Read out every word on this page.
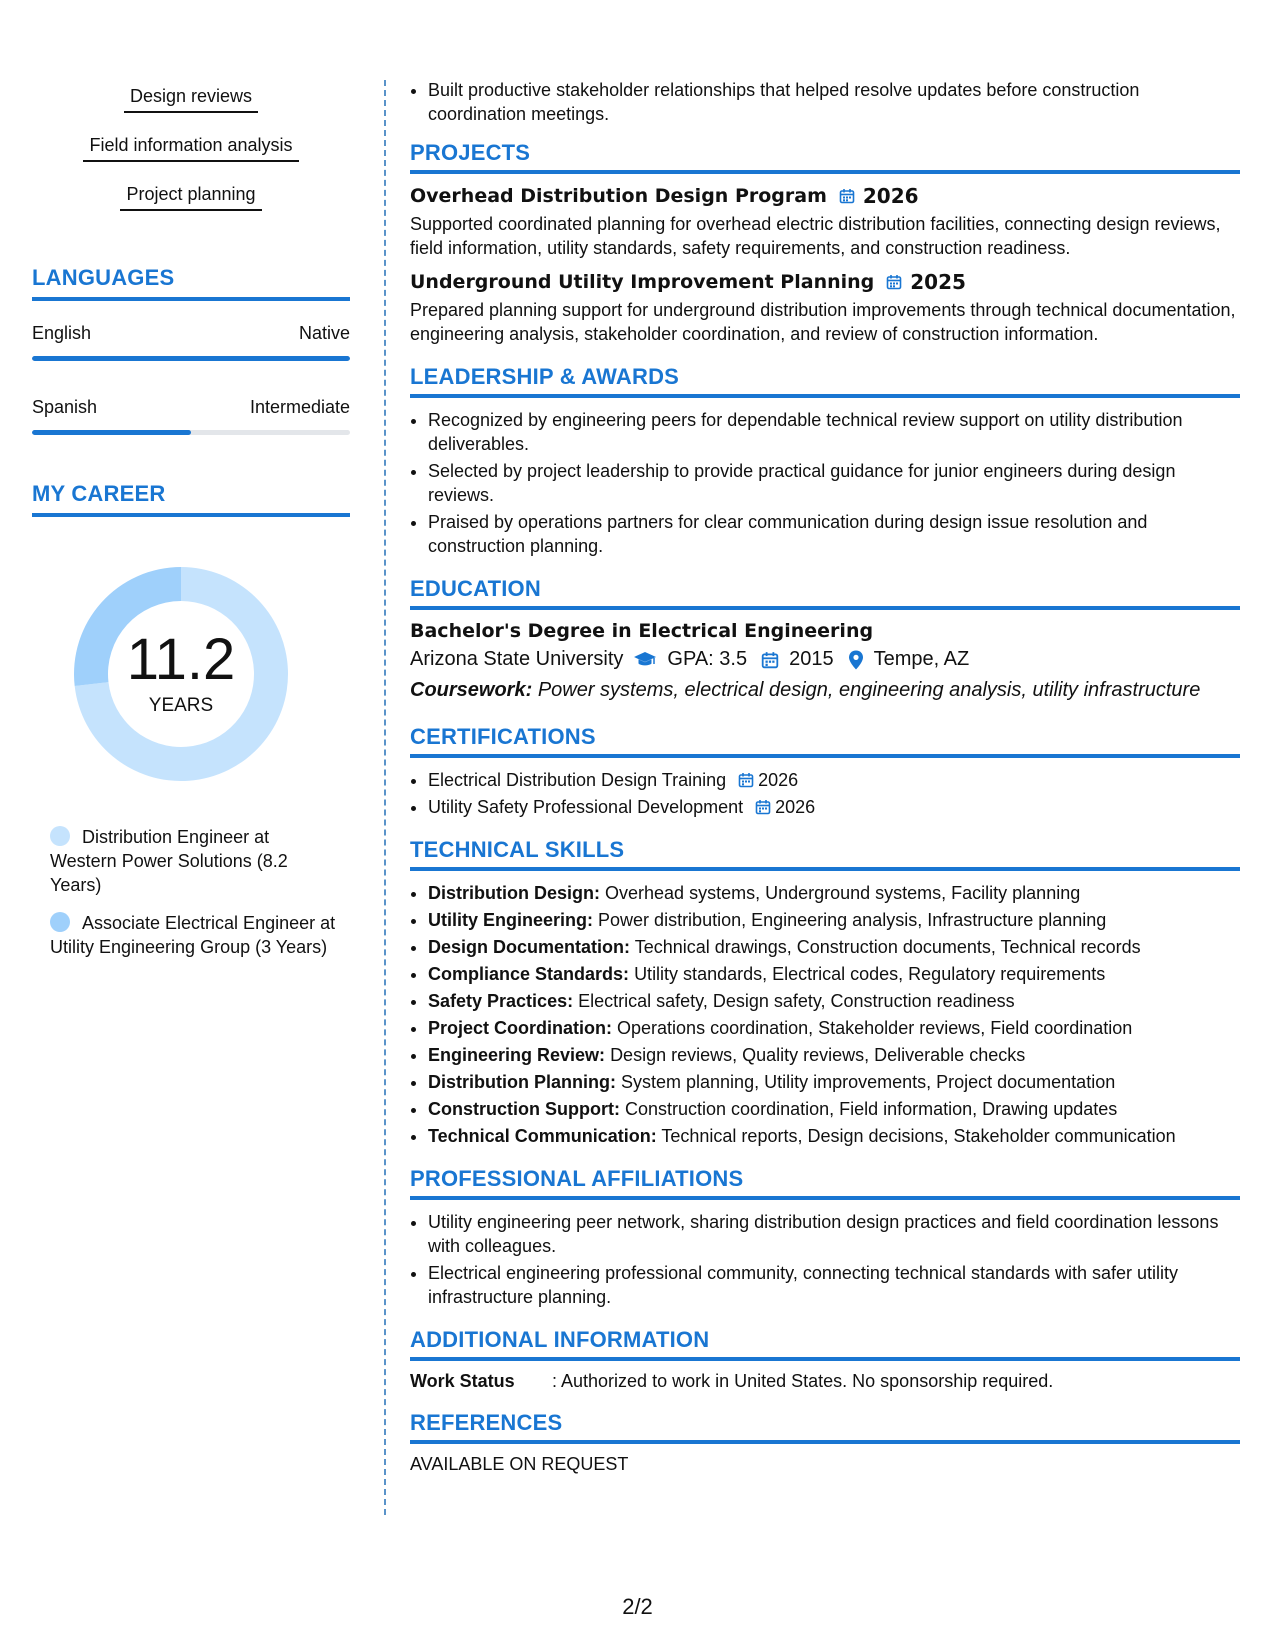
Design reviews
Field information analysis
Project planning
LANGUAGES
English	Native
Spanish	Intermediate
MY CAREER
11.2
YEARS
Distribution Engineer at Western Power Solutions (8.2 Years)
Associate Electrical Engineer at Utility Engineering Group (3 Years)
• Built productive stakeholder relationships that helped resolve updates before construction coordination meetings.
PROJECTS
Overhead Distribution Design Program 2026
Supported coordinated planning for overhead electric distribution facilities, connecting design reviews, field information, utility standards, safety requirements, and construction readiness.
Underground Utility Improvement Planning 2025
Prepared planning support for underground distribution improvements through technical documentation, engineering analysis, stakeholder coordination, and review of construction information.
LEADERSHIP & AWARDS
• Recognized by engineering peers for dependable technical review support on utility distribution deliverables.
• Selected by project leadership to provide practical guidance for junior engineers during design reviews.
• Praised by operations partners for clear communication during design issue resolution and construction planning.
EDUCATION
Bachelor's Degree in Electrical Engineering
Arizona State University GPA: 3.5 2015 Tempe, AZ
Coursework: Power systems, electrical design, engineering analysis, utility infrastructure
CERTIFICATIONS
• Electrical Distribution Design Training 2026
• Utility Safety Professional Development 2026
TECHNICAL SKILLS
• Distribution Design: Overhead systems, Underground systems, Facility planning
• Utility Engineering: Power distribution, Engineering analysis, Infrastructure planning
• Design Documentation: Technical drawings, Construction documents, Technical records
• Compliance Standards: Utility standards, Electrical codes, Regulatory requirements
• Safety Practices: Electrical safety, Design safety, Construction readiness
• Project Coordination: Operations coordination, Stakeholder reviews, Field coordination
• Engineering Review: Design reviews, Quality reviews, Deliverable checks
• Distribution Planning: System planning, Utility improvements, Project documentation
• Construction Support: Construction coordination, Field information, Drawing updates
• Technical Communication: Technical reports, Design decisions, Stakeholder communication
PROFESSIONAL AFFILIATIONS
• Utility engineering peer network, sharing distribution design practices and field coordination lessons with colleagues.
• Electrical engineering professional community, connecting technical standards with safer utility infrastructure planning.
ADDITIONAL INFORMATION
Work Status	: Authorized to work in United States. No sponsorship required.
REFERENCES
AVAILABLE ON REQUEST
2/2
